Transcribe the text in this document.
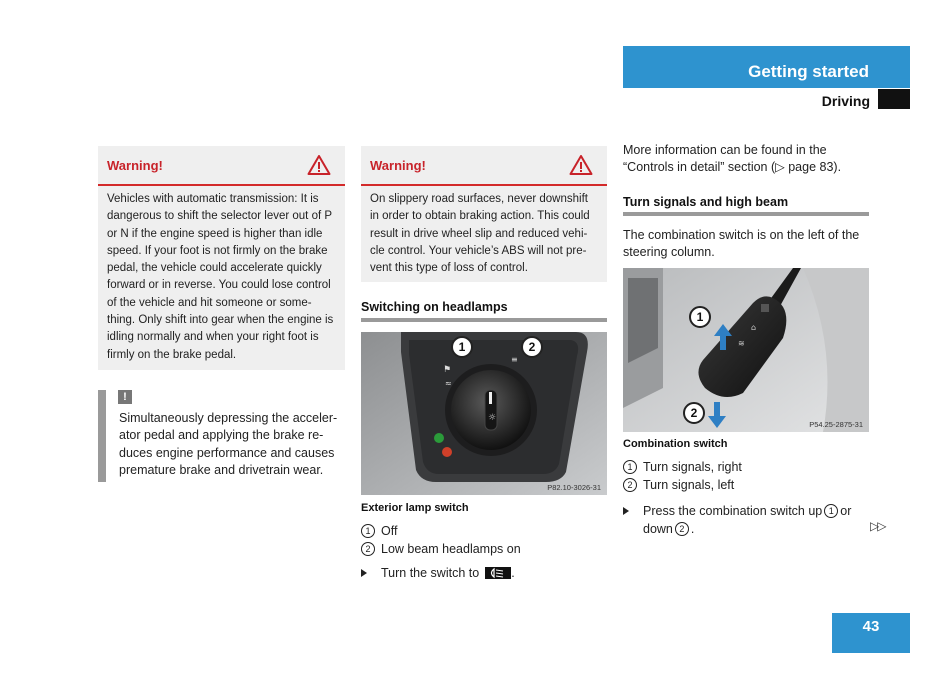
Getting started
Driving
Warning!
Vehicles with automatic transmission: It is
dangerous to shift the selector lever out of P
or N if the engine speed is higher than idle
speed. If your foot is not firmly on the brake
pedal, the vehicle could accelerate quickly
forward or in reverse. You could lose control
of the vehicle and hit someone or some-
thing. Only shift into gear when the engine is
idling normally and when your right foot is
firmly on the brake pedal.
!
Simultaneously depressing the acceler-
ator pedal and applying the brake re-
duces engine performance and causes
premature brake and drivetrain wear.
Warning!
On slippery road surfaces, never downshift
in order to obtain braking action. This could
result in drive wheel slip and reduced vehi-
cle control. Your vehicle’s ABS will not pre-
vent this type of loss of control.
Switching on headlamps
☼
⚑
≈
≡
1	2
P82.10-3026-31
Exterior lamp switch
1 Off
2 Low beam headlamps on
Turn the switch to	.
More information can be found in the
“Controls in detail” section (▷ page 83).
Turn signals and high beam
The combination switch is on the left of the
steering column.
⌂
≋
1
2
P54.25-2875-31
Combination switch
1 Turn signals, right
2 Turn signals, left
Press the combination switch up 1 or
down 2 .	▷▷
43
